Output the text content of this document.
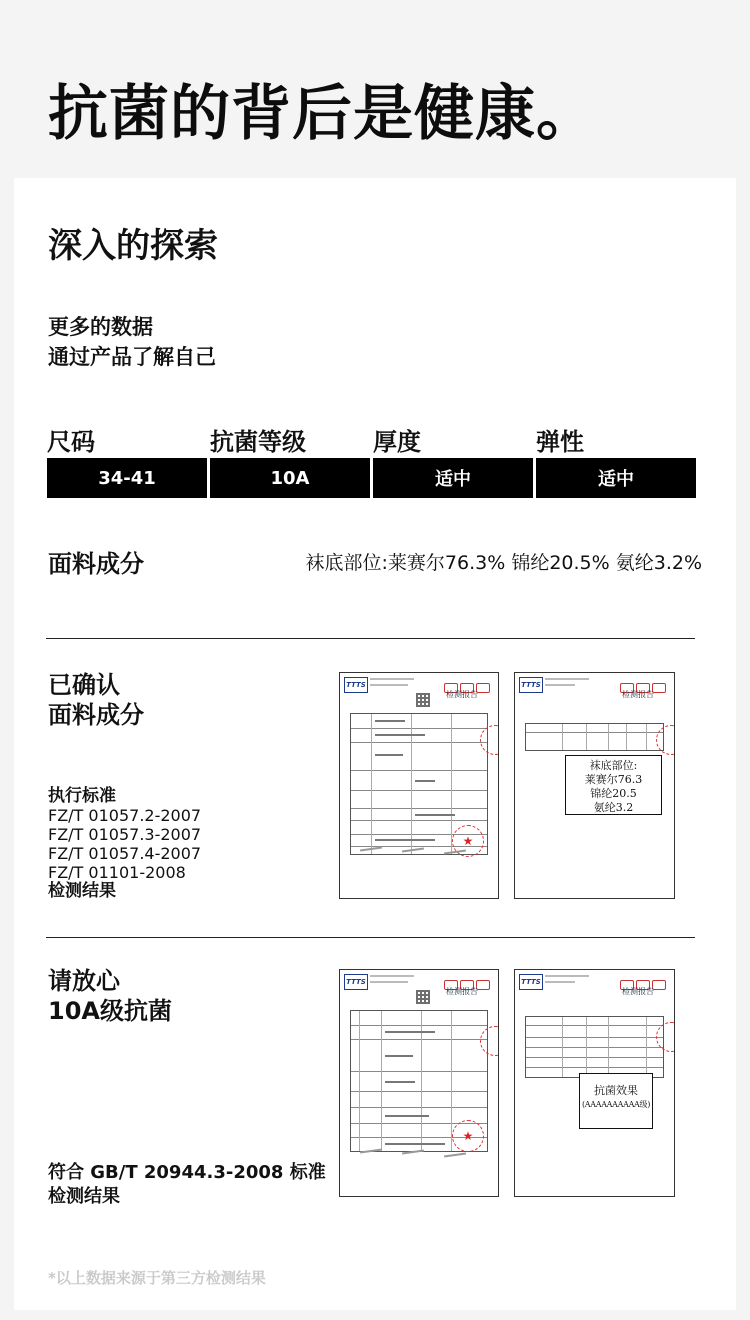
抗菌的背后是健康。
深入的探索
更多的数据
通过产品了解自己
尺码	抗菌等级	厚度	弹性
34-41	10A	适中	适中
面料成分	袜底部位:莱赛尔76.3% 锦纶20.5% 氨纶3.2%
已确认
面料成分
执行标准
FZ/T 01057.2-2007
FZ/T 01057.3-2007
FZ/T 01057.4-2007
FZ/T 01101-2008
检测结果
TTTS
检测报告
★
TTTS
检测报告
袜底部位:
莱赛尔76.3
锦纶20.5
氨纶3.2
请放心
10A级抗菌
符合 GB/T 20944.3-2008 标准
检测结果
TTTS
检测报告
★
TTTS
检测报告
抗菌效果
(AAAAAAAAAA级)
*以上数据来源于第三方检测结果
